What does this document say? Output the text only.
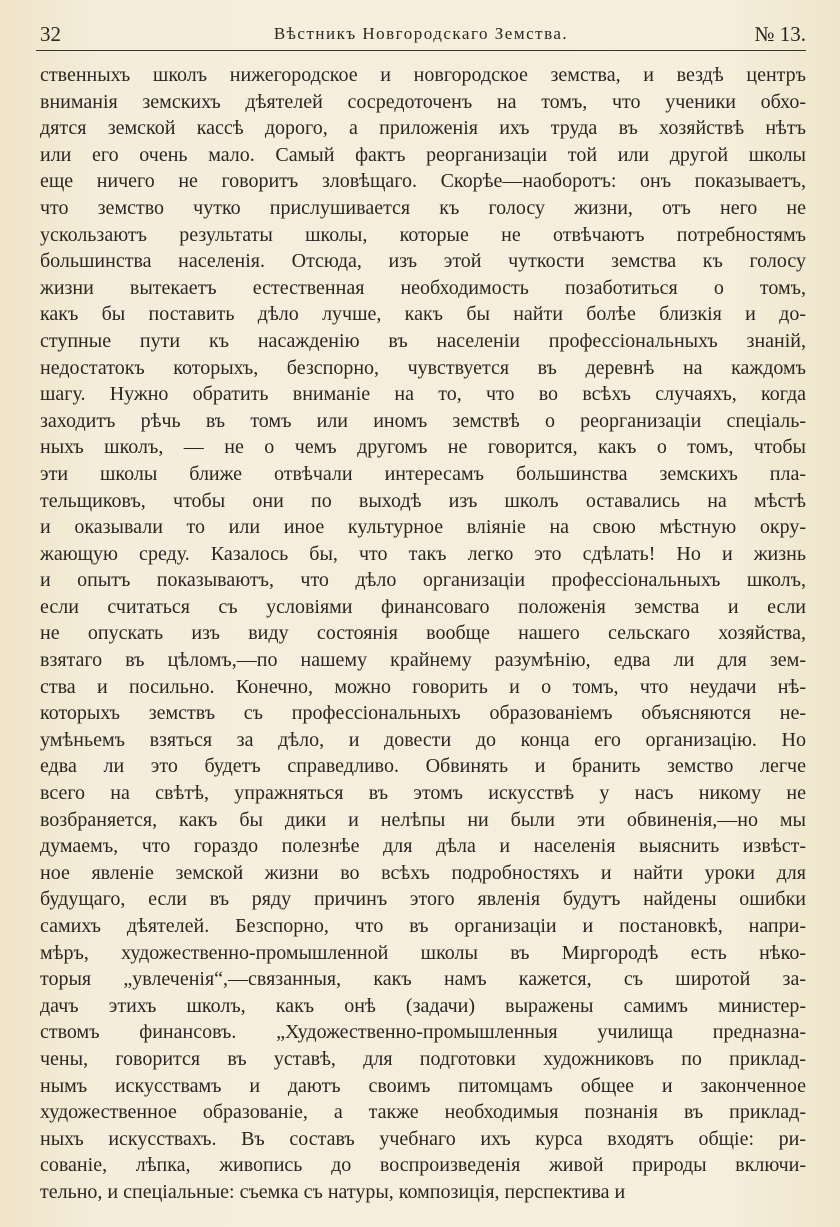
32	Вѣстникъ Новгородскаго Земства.	№ 13.
ственныхъ школъ нижегородское и новгородское земства, и вездѣ центръ
вниманія земскихъ дѣятелей сосредоточенъ на томъ, что ученики обхо-
дятся земской кассѣ дорого, а приложенія ихъ труда въ хозяйствѣ нѣтъ
или его очень мало. Самый фактъ реорганизаціи той или другой школы
еще ничего не говоритъ зловѣщаго. Скорѣе—наоборотъ: онъ показываетъ,
что земство чутко прислушивается къ голосу жизни, отъ него не
ускользаютъ результаты школы, которые не отвѣчаютъ потребностямъ
большинства населенія. Отсюда, изъ этой чуткости земства къ голосу
жизни вытекаетъ естественная необходимость позаботиться о томъ,
какъ бы поставить дѣло лучше, какъ бы найти болѣе близкія и до-
ступные пути къ насажденію въ населеніи профессіональныхъ знаній,
недостатокъ которыхъ, безспорно, чувствуется въ деревнѣ на каждомъ
шагу. Нужно обратить вниманіе на то, что во всѣхъ случаяхъ, когда
заходитъ рѣчь въ томъ или иномъ земствѣ о реорганизаціи спеціаль-
ныхъ школъ, — не о чемъ другомъ не говорится, какъ о томъ, чтобы
эти школы ближе отвѣчали интересамъ большинства земскихъ пла-
тельщиковъ, чтобы они по выходѣ изъ школъ оставались на мѣстѣ
и оказывали то или иное культурное вліяніе на свою мѣстную окру-
жающую среду. Казалось бы, что такъ легко это сдѣлать! Но и жизнь
и опытъ показываютъ, что дѣло организаціи профессіональныхъ школъ,
если считаться съ условіями финансоваго положенія земства и если
не опускать изъ виду состоянія вообще нашего сельскаго хозяйства,
взятаго въ цѣломъ,—по нашему крайнему разумѣнію, едва ли для зем-
ства и посильно. Конечно, можно говорить и о томъ, что неудачи нѣ-
которыхъ земствъ съ профессіональныхъ образованіемъ объясняются не-
умѣньемъ взяться за дѣло, и довести до конца его организацію. Но
едва ли это будетъ справедливо. Обвинять и бранить земство легче
всего на свѣтѣ, упражняться въ этомъ искусствѣ у насъ никому не
возбраняется, какъ бы дики и нелѣпы ни были эти обвиненія,—но мы
думаемъ, что гораздо полезнѣе для дѣла и населенія выяснить извѣст-
ное явленіе земской жизни во всѣхъ подробностяхъ и найти уроки для
будущаго, если въ ряду причинъ этого явленія будутъ найдены ошибки
самихъ дѣятелей. Безспорно, что въ организаціи и постановкѣ, напри-
мѣръ, художественно-промышленной школы въ Миргородѣ есть нѣко-
торыя „увлеченія“,—связанныя, какъ намъ кажется, съ широтой за-
дачъ этихъ школъ, какъ онѣ (задачи) выражены самимъ министер-
ствомъ финансовъ. „Художественно-промышленныя училища предназна-
чены, говорится въ уставѣ, для подготовки художниковъ по приклад-
нымъ искусствамъ и даютъ своимъ питомцамъ общее и законченное
художественное образованіе, а также необходимыя познанія въ приклад-
ныхъ искусствахъ. Въ составъ учебнаго ихъ курса входятъ общіе: ри-
сованіе, лѣпка, живопись до воспроизведенія живой природы включи-
тельно, и спеціальные: съемка съ натуры, композиція, перспектива и
